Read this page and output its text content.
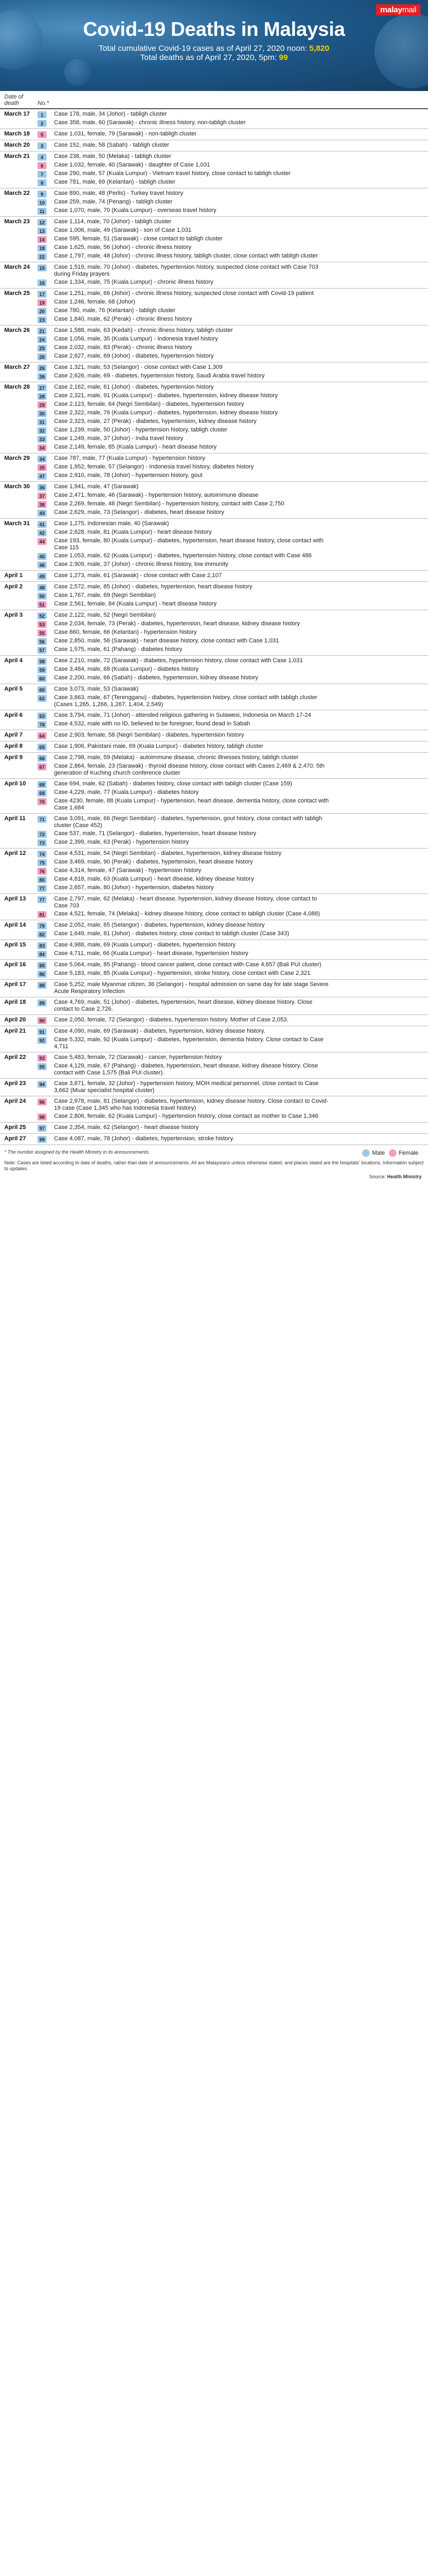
malaymail
Covid-19 Deaths in Malaysia
Total cumulative Covid-19 cases as of April 27, 2020 noon: 5,820
Total deaths as of April 27, 2020, 5pm: 99
Date of death	No.*
March 17	1	Case 178, male, 34 (Johor) - tabligh cluster
2	Case 358, male, 60 (Sarawak) - chronic illness history, non-tabligh cluster
March 18	5	Case 1,031, female, 79 (Sarawak) - non-tabligh cluster
March 20	3	Case 152, male, 58 (Sabah) - tabligh cluster
March 21	4	Case 238, male, 50 (Melaka) - tabligh cluster
6	Case 1,032, female, 40 (Sarawak) - daughter of Case 1,031
7	Case 290, male, 57 (Kuala Lumpur) - Vietnam travel history, close contact to tabligh cluster
8	Case 781, male, 69 (Kelantan) - tabligh cluster
March 22	9	Case 890, male, 48 (Perlis) - Turkey travel history
10	Case 259, male, 74 (Penang) - tabligh cluster
11	Case 1,070, male, 70 (Kuala Lumpur) - overseas travel history
March 23	12	Case 1,114, male, 70 (Johor) - tabligh cluster
13	Case 1,006, male, 49 (Sarawak) - son of Case 1,031
14	Case 595, female, 51 (Sarawak) - close contact to tabligh cluster
18	Case 1,625, male, 56 (Johor) - chronic illness history
22	Case 1,797, male, 48 (Johor) - chronic illness history, tabligh cluster, close contact with tabligh cluster
March 24	15	Case 1,519, male, 70 (Johor) - diabetes, hypertension history, suspected close contact with Case 703 during Friday prayers
16	Case 1,334, male, 75 (Kuala Lumpur) - chronic illness history
March 25	17	Case 1,251, male, 66 (Johor) - chronic illness history, suspected close contact with Covid-19 patient
19	Case 1,246, female, 68 (Johor)
20	Case 780, male, 76 (Kelantan) - tabligh cluster
23	Case 1,840, male, 62 (Perak) - chronic illness history
March 26	21	Case 1,588, male, 63 (Kedah) - chronic illness history, tabligh cluster
24	Case 1,056, male, 35 (Kuala Lumpur) - Indonesia travel history
25	Case 2,032, male, 83 (Perak) - chronic illness history
26	Case 2,627, male, 69 (Johor) - diabetes, hypertension history
March 27	26	Case 1,321, male, 53 (Selangor) - close contact with Case 1,309
39	Case 2,626, male, 69 - diabetes, hypertension history, Saudi Arabia travel history
March 28	27	Case 2,162, male, 61 (Johor) - diabetes, hypertension history
28	Case 2,321, male, 91 (Kuala Lumpur) - diabetes, hypertension, kidney disease history
29	Case 2,123, female, 64 (Negri Sembilan) - diabetes, hypertension history
30	Case 2,322, male, 76 (Kuala Lumpur) - diabetes, hypertension, kidney disease history
31	Case 2,323, male, 27 (Perak) - diabetes, hypertension, kidney disease history
32	Case 1,239, male, 50 (Johor) - hypertension history, tabligh cluster
33	Case 1,249, male, 37 (Johor) - India travel history
34	Case 2,149, female, 85 (Kuala Lumpur) - heart disease history
March 29	34	Case 787, male, 77 (Kuala Lumpur) - hypertension history
35	Case 1,952, female, 57 (Selangor) - Indonesia travel history, diabetes history
47	Case 2,910, male, 78 (Johor) - hypertension history, gout
March 30	36	Case 1,941, male, 47 (Sarawak)
37	Case 2,471, female, 46 (Sarawak) - hypertension history, autoimmune disease
38	Case 2,269, female, 48 (Negri Sembilan) - hypertension history, contact with Case 2,750
43	Case 2,629, male, 73 (Selangor) - diabetes, heart disease history
March 31	41	Case 1,275, Indonesian male, 40 (Sarawak)
42	Case 2,628, male, 81 (Kuala Lumpur) - heart disease history
44	Case 193, female, 80 (Kuala Lumpur) - diabetes, hypertension, heart disease history, close contact with Case 115
45	Case 1,053, male, 62 (Kuala Lumpur) - diabetes, hypertension history, close contact with Case 486
46	Case 2,909, male, 37 (Johor) - chronic illness history, low immunity
April 1	49	Case 1,273, male, 61 (Sarawak) - close contact with Case 2,107
April 2	48	Case 2,572, male, 85 (Johor) - diabetes, hypertension, heart disease history
50	Case 1,767, male, 69 (Negri Sembilan)
51	Case 2,561, female, 84 (Kuala Lumpur) - heart disease history
April 3	52	Case 2,122, male, 52 (Negri Sembilan)
53	Case 2,034, female, 73 (Perak) - diabetes, hypertension, heart disease, kidney disease history
55	Case 860, female, 66 (Kelantan) - hypertension history
56	Case 2,850, male, 56 (Sarawak) - heart disease history, close contact with Case 1,031
57	Case 1,575, male, 61 (Pahang) - diabetes history
April 4	58	Case 2,210, male, 72 (Sarawak) - diabetes, hypertension history, close contact with Case 1,031
59	Case 3,484, male, 68 (Kuala Lumpur) - diabetes history
60	Case 2,200, male, 66 (Sabah) - diabetes, hypertension, kidney disease history
April 5	60	Case 3,073, male, 53 (Sarawak)
62	Case 3,663, male, 67 (Terengganu) - diabetes, hypertension history, close contact with tabligh cluster (Cases 1,265, 1,266, 1,267, 1,404, 2,549)
April 6	63	Case 3,794, male, 71 (Johor) - attended religious gathering in Sulawesi, Indonesia on March 17-24
78	Case 4,532, male with no ID, believed to be foreigner, found dead in Sabah
April 7	64	Case 2,903, female, 58 (Negri Sembilan) - diabetes, hypertension history
April 8	65	Case 1,906, Pakistani male, 69 (Kuala Lumpur) - diabetes history, tabligh cluster
April 9	66	Case 2,798, male, 59 (Melaka) - autoimmune disease, chronic illnesses history, tabligh cluster
67	Case 2,864, female, 23 (Sarawak) - thyroid disease history, close contact with Cases 2,469 & 2,470. 5th generation of Kuching church conference cluster
April 10	68	Case 694, male, 62 (Sabah) - diabetes history, close contact with tabligh cluster (Case 159)
69	Case 4,229, male, 77 (Kuala Lumpur) - diabetes history
70	Case 4230, female, 88 (Kuala Lumpur) - hypertension, heart disease, dementia history, close contact with Case 1,684
April 11	71	Case 3,091, male, 66 (Negri Sembilan) - diabetes, hypertension, gout history, close contact with tabligh cluster (Case 452)
72	Case 537, male, 71 (Selangor) - diabetes, hypertension, heart disease history
73	Case 2,399, male, 63 (Perak) - hypertension history
April 12	74	Case 4,531, male, 54 (Negri Sembilan) - diabetes, hypertension, kidney disease history
75	Case 3,469, male, 90 (Perak) - diabetes, hypertension, heart disease history
76	Case 4,314, female, 47 (Sarawak) - hypertension history
80	Case 4,818, male, 63 (Kuala Lumpur) - heart disease, kidney disease history
77	Case 2,657, male, 80 (Johor) - hypertension, diabetes history
April 13	77	Case 2,797, male, 62 (Melaka) - heart disease, hypertension, kidney disease history, close contact to Case 703
81	Case 4,521, female, 74 (Melaka) - kidney disease history, close contact to tabligh cluster (Case 4,088)
April 14	79	Case 2,052, male, 65 (Selangor) - diabetes, hypertension, kidney disease history
82	Case 1,649, male, 81 (Johor) - diabetes history, close contact to tabligh cluster (Case 343)
April 15	83	Case 4,988, male, 69 (Kuala Lumpur) - diabetes, hypertension history
84	Case 4,711, male, 66 (Kuala Lumpur) - heart disease, hypertension history
April 16	85	Case 5,064, male, 85 (Pahang) - blood cancer patient, close contact with Case 4,657 (Bali PUI cluster)
86	Case 5,183, male, 85 (Kuala Lumpur) - hypertension, stroke history, close contact with Case 2,321
April 17	88	Case 5,252, male Myanmar citizen, 36 (Selangor) - hospital admission on same day for late stage Severe Acute Respiratory Infection
April 18	89	Case 4,769, male, 51 (Johor) - diabetes, hypertension, heart disease, kidney disease history. Close contact to Case 2,726.
April 20	90	Case 2,050, female, 72 (Selangor) - diabetes, hypertension history. Mother of Case 2,053.
April 21	91	Case 4,090, male, 69 (Sarawak) - diabetes, hypertension, kidney disease history.
92	Case 5,332, male, 92 (Kuala Lumpur) - diabetes, hypertension, dementia history. Close contact to Case 4,711
April 22	93	Case 5,483, female, 72 (Sarawak) - cancer, hypertension history
95	Case 4,129, male, 67 (Pahang) - diabetes, hypertension, heart disease, kidney disease history. Close contact with Case 1,575 (Bali PUI cluster).
April 23	94	Case 3,871, female, 32 (Johor) - hypertension history, MOH medical personnel, close contact to Case 3,662 (Muar specialist hospital cluster)
April 24	96	Case 2,978, male, 81 (Selangor) - diabetes, hypertension, kidney disease history. Close contact to Covid-19 case (Case 1,345 who has Indonesia travel history)
98	Case 2,806, female, 62 (Kuala Lumpur) - hypertension history, close contact as mother to Case 1,346
April 25	97	Case 2,354, male, 62 (Selangor) - heart disease history
April 27	99	Case 4,087, male, 78 (Johor) - diabetes, hypertension, stroke history.
* The number assigned by the Health Ministry in its announcements.	Male	Female
Note: Cases are listed according to date of deaths, rather than date of announcements. All are Malaysians unless otherwise stated, and places stated are the hospitals' locations. Information subject to updates.
Source: Health Ministry
